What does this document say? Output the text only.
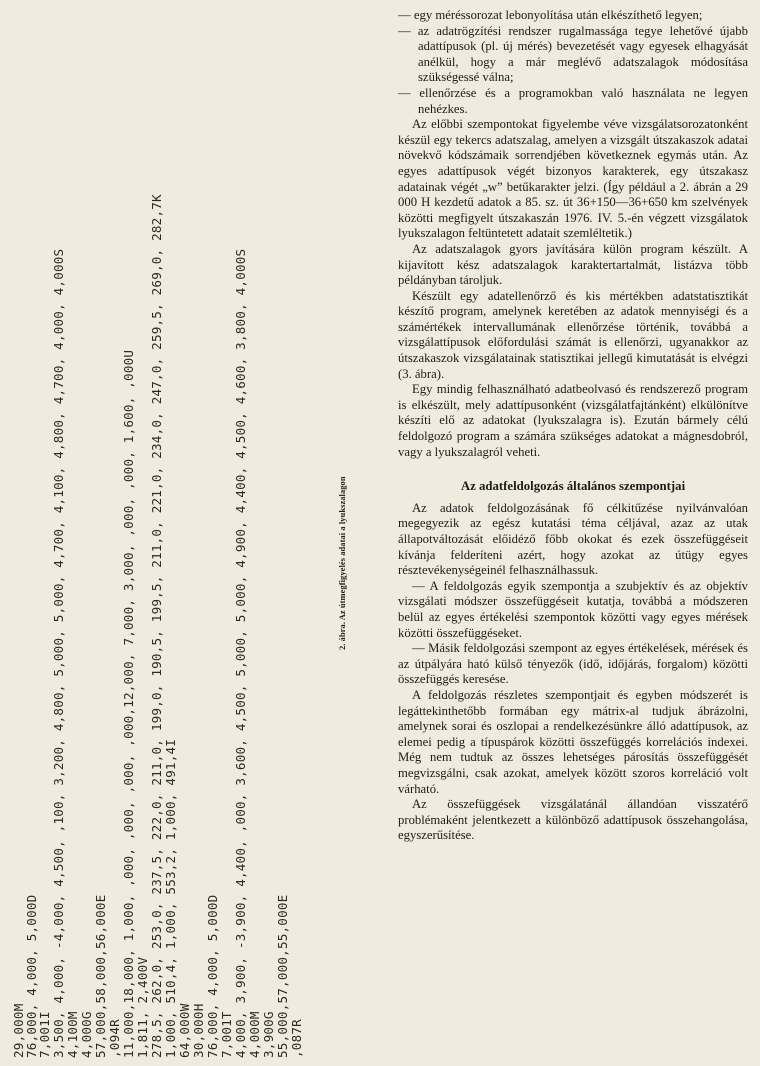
29,000M
76,000, 4,000, 5,000D
7,001I 3,500, 4,000, -4,000, 4,500, ,100, 3,200, 4,800, 5,000, 5,000, 4,700, 4,100, 4,800, 4,700, 4,000, 4,000S 4,100M 4,000G 57,000,58,000,56,000E ,094R 11,000,18,000, 1,000, ,000, ,000, ,000, ,000,12,000, 7,000, 3,000, ,000, ,000, 1,600, ,000U 1,811, 2,400V 278,5, 262,0, 253,0, 237,5, 222,0, 211,0, 199,0, 190,5, 199,5, 211,0, 221,0, 234,0, 247,0, 259,5, 269,0, 282,7K 1,000, 510,4, 1,000, 553,2, 1,000, 491,4I 64,000W 30,000H 76,000, 4,000, 5,000D 7,001T 4,000, 3,900, -3,900, 4,400, ,000, 3,600, 4,500, 5,000, 5,000, 4,900, 4,400, 4,500, 4,600, 3,800, 4,000S 4,000M 3,900G 55,000,57,000,55,000E ,087R
2. ábra. Az útmegfigyelés adatai a lyukszalagon

— egy méréssorozat lebonyolítása után elkészíthető legyen;

— az adatrögzítési rendszer rugalmassága tegye lehetővé újabb adattípusok (pl. új mérés) bevezetését vagy egyesek elhagyását anélkül, hogy a már meglévő adatszalagok módosítása szükségessé válna;

— ellenőrzése és a programokban való használata ne legyen nehézkes.

Az előbbi szempontokat figyelembe véve vizsgálatsorozatonként készül egy tekercs adatszalag, amelyen a vizsgált útszakaszok adatai növekvő kódszámaik sorrendjében következnek egymás után. Az egyes adattípusok végét bizonyos karakterek, egy útszakasz adatainak végét „w” betűkarakter jelzi. (Így például a 2. ábrán a 29 000 H kezdetű adatok a 85. sz. út 36+150—36+650 km szelvények közötti megfigyelt útszakaszán 1976. IV. 5.-én végzett vizsgálatok lyukszalagon feltüntetett adatait szemléltetik.)

Az adatszalagok gyors javítására külön program készült. A kijavított kész adatszalagok karaktertartalmát, listázva több példányban tároljuk.

Készült egy adatellenőrző és kis mértékben adatstatisztikát készítő program, amelynek keretében az adatok mennyiségi és a számértékek intervallumának ellenőrzése történik, továbbá a vizsgálattípusok előfordulási számát is ellenőrzi, ugyanakkor az útszakaszok vizsgálatainak statisztikai jellegű kimutatását is elvégzi (3. ábra).

Egy mindig felhasználható adatbeolvasó és rendszerező program is elkészült, mely adattípusonként (vizsgálatfajtánként) elkülönítve készíti elő az adatokat (lyukszalagra is). Ezután bármely célú feldolgozó program a számára szükséges adatokat a mágnesdobról, vagy a lyukszalagról veheti.

Az adatfeldolgozás általános szempontjai

Az adatok feldolgozásának fő célkitűzése nyilvánvalóan megegyezik az egész kutatási téma céljával, azaz az utak állapotváltozását előidéző főbb okokat és ezek összefüggéseit kívánja felderíteni azért, hogy azokat az útügy egyes résztevékenységeinél felhasználhassuk.

— A feldolgozás egyik szempontja a szubjektív és az objektív vizsgálati módszer összefüggéseit kutatja, továbbá a módszeren belül az egyes értékelési szempontok közötti vagy egyes mérések közötti összefüggéseket.

— Másik feldolgozási szempont az egyes értékelések, mérések és az útpályára ható külső tényezők (idő, időjárás, forgalom) közötti összefüggés keresése.

A feldolgozás részletes szempontjait és egyben módszerét is legáttekinthetőbb formában egy mátrix-al tudjuk ábrázolni, amelynek sorai és oszlopai a rendelkezésünkre álló adattípusok, az elemei pedig a típuspárok közötti összefüggés korrelációs indexei. Még nem tudtuk az összes lehetséges párosítás összefüggését megvizsgálni, csak azokat, amelyek között szoros korreláció volt várható.

Az összefüggések vizsgálatánál állandóan visszatérő problémaként jelentkezett a különböző adattípusok összehangolása, egyszerűsítése.
